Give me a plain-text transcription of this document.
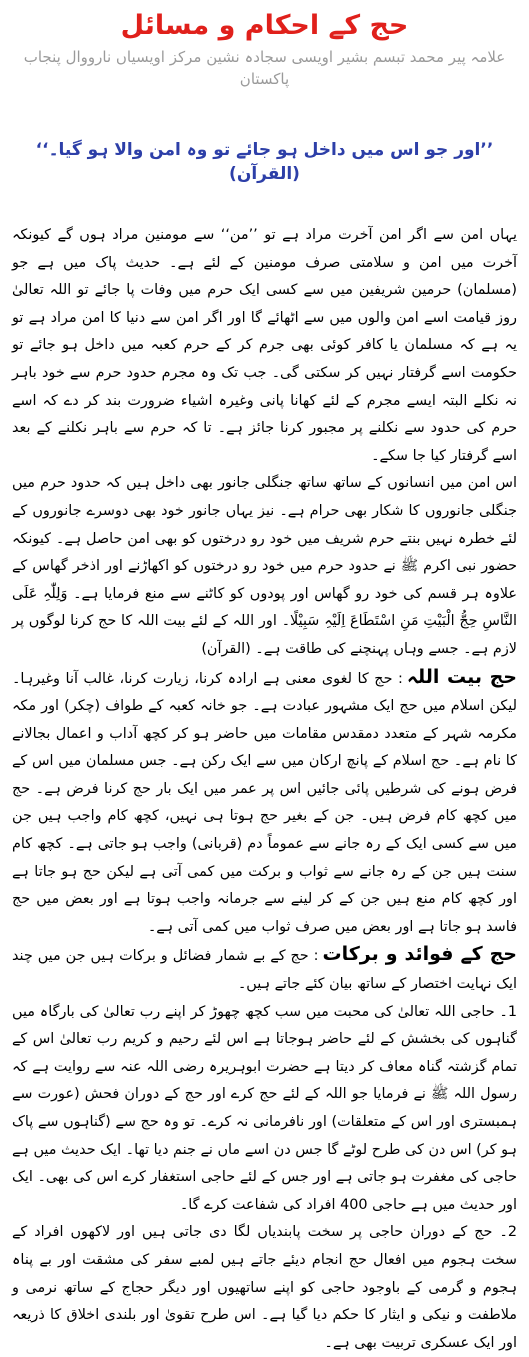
حج کے احکام و مسائل
علامہ پیر محمد تبسم بشیر اویسی سجادہ نشین مرکز اویسیاں نارووال پنجاب پاکستان
’’اور جو اس میں داخل ہو جائے تو وہ امن والا ہو گیا۔‘‘ (القرآن)

یہاں امن سے اگر امن آخرت مراد ہے تو ’’من‘‘ سے مومنین مراد ہوں گے کیونکہ آخرت میں امن و سلامتی صرف مومنین کے لئے ہے۔ حدیث پاک میں ہے جو (مسلمان) حرمین شریفین میں سے کسی ایک حرم میں وفات پا جائے تو اللہ تعالیٰ روز قیامت اسے امن والوں میں سے اٹھائے گا اور اگر امن سے دنیا کا امن مراد ہے تو یہ ہے کہ مسلمان یا کافر کوئی بھی جرم کر کے حرم کعبہ میں داخل ہو جائے تو حکومت اسے گرفتار نہیں کر سکتی گی۔ جب تک وہ مجرم حدود حرم سے خود باہر نہ نکلے البتہ ایسے مجرم کے لئے کھانا پانی وغیرہ اشیاء ضرورت بند کر دے کہ اسے حرم کی حدود سے نکلنے پر مجبور کرنا جائز ہے۔ تا کہ حرم سے باہر نکلنے کے بعد اسے گرفتار کیا جا سکے۔

اس امن میں انسانوں کے ساتھ ساتھ جنگلی جانور بھی داخل ہیں کہ حدود حرم میں جنگلی جانوروں کا شکار بھی حرام ہے۔ نیز یہاں جانور خود بھی دوسرے جانوروں کے لئے خطرہ نہیں بنتے حرم شریف میں خود رو درختوں کو بھی امن حاصل ہے۔ کیونکہ حضور نبی اکرم ﷺ نے حدود حرم میں خود رو درختوں کو اکھاڑنے اور اذخر گھاس کے علاوہ ہر قسم کی خود رو گھاس اور پودوں کو کاٹنے سے منع فرمایا ہے۔ وَلِلّٰہِ عَلَی النَّاسِ حِجُّ الْبَیْتِ مَنِ اسْتَطَاعَ اِلَیْہِ سَبِیْلًا۔ اور اللہ کے لئے بیت اللہ کا حج کرنا لوگوں پر لازم ہے۔ جسے وہاں پہنچنے کی طاقت ہے۔ (القرآن)

حج بیت اللہ: حج کا لغوی معنی ہے ارادہ کرنا، زیارت کرنا، غالب آنا وغیرہا۔ لیکن اسلام میں حج ایک مشہور عبادت ہے۔ جو خانہ کعبہ کے طواف (چکر) اور مکہ مکرمہ شہر کے متعدد دمقدس مقامات میں حاضر ہو کر کچھ آداب و اعمال بجالانے کا نام ہے۔ حج اسلام کے پانچ ارکان میں سے ایک رکن ہے۔ جس مسلمان میں اس کے فرض ہونے کی شرطیں پائی جائیں اس پر عمر میں ایک بار حج کرنا فرض ہے۔ حج میں کچھ کام فرض ہیں۔ جن کے بغیر حج ہوتا ہی نہیں، کچھ کام واجب ہیں جن میں سے کسی ایک کے رہ جانے سے عموماً دم (قربانی) واجب ہو جاتی ہے۔ کچھ کام سنت ہیں جن کے رہ جانے سے ثواب و برکت میں کمی آتی ہے لیکن حج ہو جاتا ہے اور کچھ کام منع ہیں جن کے کر لینے سے جرمانہ واجب ہوتا ہے اور بعض میں حج فاسد ہو جاتا ہے اور بعض میں صرف ثواب میں کمی آتی ہے۔

حج کے فوائد و برکات: حج کے بے شمار فضائل و برکات ہیں جن میں چند ایک نہایت اختصار کے ساتھ بیان کئے جاتے ہیں۔

1۔ حاجی اللہ تعالیٰ کی محبت میں سب کچھ چھوڑ کر اپنے رب تعالیٰ کی بارگاہ میں گناہوں کی بخشش کے لئے حاضر ہوجاتا ہے اس لئے رحیم و کریم رب تعالیٰ اس کے تمام گزشتہ گناہ معاف کر دیتا ہے حضرت ابوہریرہ رضی اللہ عنہ سے روایت ہے کہ رسول اللہ ﷺ نے فرمایا جو اللہ کے لئے حج کرے اور حج کے دوران فحش (عورت سے ہمبستری اور اس کے متعلقات) اور نافرمانی نہ کرے۔ تو وہ حج سے (گناہوں سے پاک ہو کر) اس دن کی طرح لوٹے گا جس دن اسے ماں نے جنم دیا تھا۔ ایک حدیث میں ہے حاجی کی مغفرت ہو جاتی ہے اور جس کے لئے حاجی استغفار کرے اس کی بھی۔ ایک اور حدیث میں ہے حاجی 400 افراد کی شفاعت کرے گا۔

2۔ حج کے دوران حاجی پر سخت پابندیاں لگا دی جاتی ہیں اور لاکھوں افراد کے سخت ہجوم میں افعال حج انجام دیئے جاتے ہیں لمبے سفر کی مشقت اور بے پناہ ہجوم و گرمی کے باوجود حاجی کو اپنے ساتھیوں اور دیگر حجاج کے ساتھ نرمی و ملاطفت و نیکی و ایثار کا حکم دیا گیا ہے۔ اس طرح تقویٰ اور بلندی اخلاق کا ذریعہ اور ایک عسکری تربیت بھی ہے۔
